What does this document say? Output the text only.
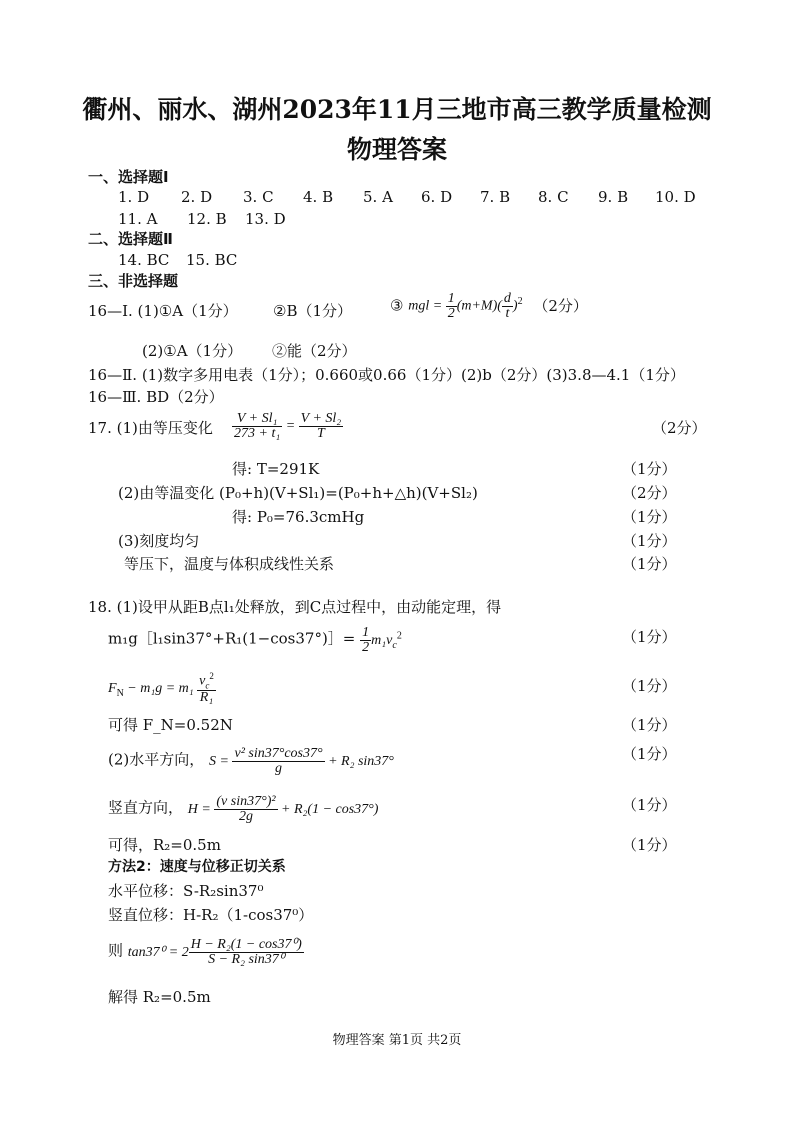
衢州、丽水、湖州2023年11月三地市高三教学质量检测
物理答案
一、选择题Ⅰ
1. D 2. D 3. C 4. B 5. A 6. D 7. B 8. C 9. B 10. D
11. A 12. B 13. D
二、选择题Ⅱ
14. BC 15. BC
三、非选择题
16—Ⅰ. (1)①A（1分） ②B（1分）	③ mgl = $\frac{1}{2} (m+M)( \frac{d}{t} )^2$ （2分）
(2)①A（1分） ②能（2分）
16—Ⅱ. (1)数字多用电表（1分）；0.660或0.66（1分）(2)b（2分）(3)3.8—4.1（1分）
16—Ⅲ. BD（2分）
17. (1)由等压变化 $\frac{\text{V + Sl₁}}{\text{273 + t₁}} = \frac{\text{V + Sl₂}}{T}$	（2分）
得: T=291K	（1分）
(2)由等温变化 (P₀+h)(V+Sl₁)=(P₀+h+△h)(V+Sl₂)	（2分）
得: P₀=76.3cmHg	（1分）
(3)刻度均匀	（1分）
等压下，温度与体积成线性关系	（1分）
18. (1)设甲从距B点l₁处释放，到C点过程中，由动能定理，得
m₁g［l₁sin37°+R₁(1−cos37°)］= $\frac{1}{2} m_1v_c^2$	（1分）
$F_N - m_1g = m_1 \frac{v_c^2}{\text{R₁}}$	（1分）
可得 F_N=0.52N	（1分）
(2)水平方向， $S = \frac{\text{v² sin37°cos37°}}{g} + R_2$ sin37°	（1分）
竖直方向， $H = \frac{\text{(v sin37°)²}}{2g} + R_2(1 - \cos 37^\circ)$	（1分）
可得，R₂=0.5m	（1分）
方法2：速度与位移正切关系
水平位移：S-R₂sin37⁰
竖直位移：H-R₂（1-cos37⁰）
则 $\tan 37^0 = 2 \frac{\text{H − R₂(1 − cos37⁰)}}{\text{S − R₂ sin37⁰}}$
解得 R₂=0.5m
物理答案 第1页 共2页
